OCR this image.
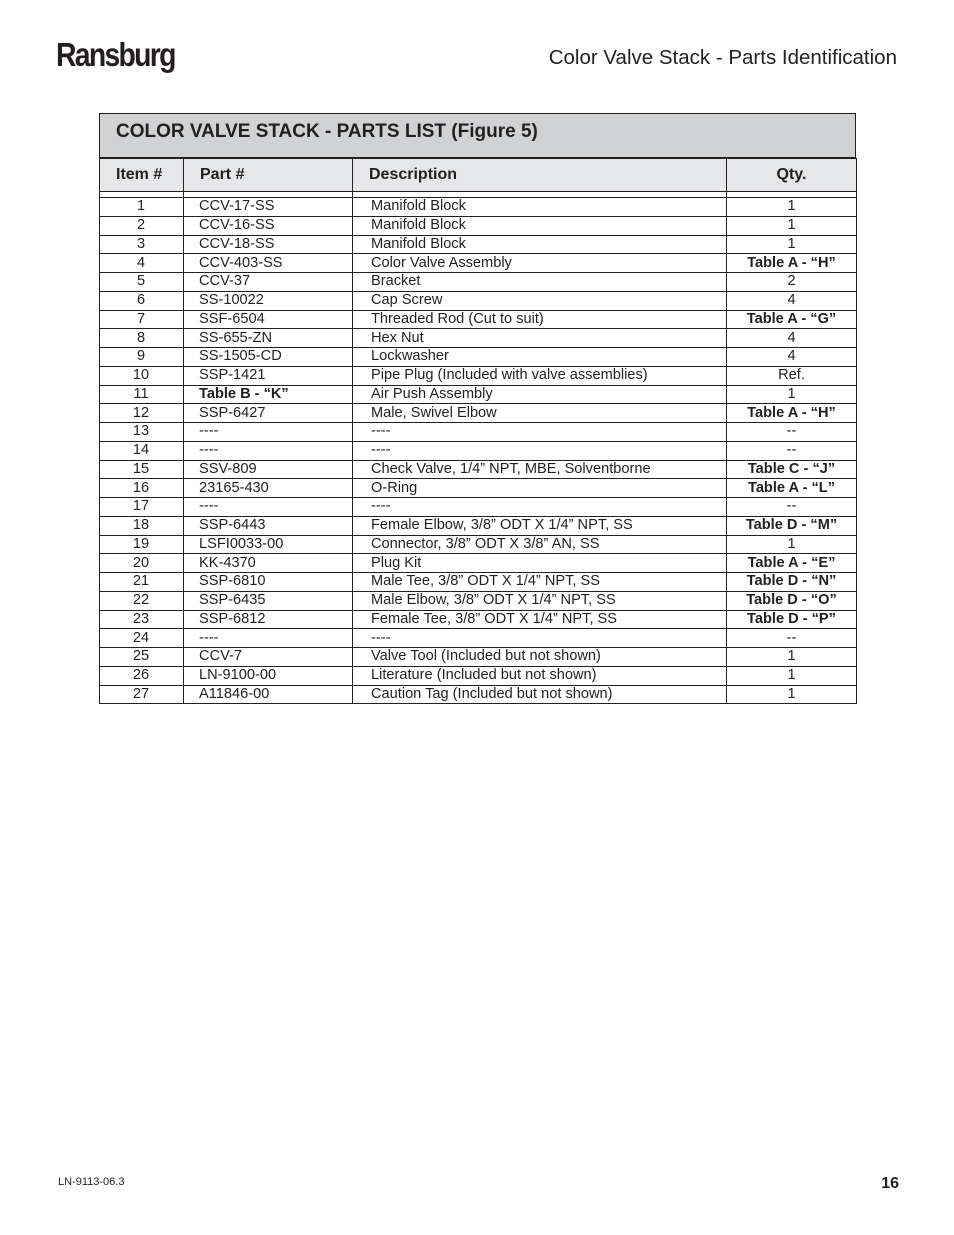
Ransburg	Color Valve Stack - Parts Identification
COLOR VALVE STACK - PARTS LIST (Figure 5)
Item #	Part #	Description	Qty.

1	CCV-17-SS	Manifold Block	1
2	CCV-16-SS	Manifold Block	1
3	CCV-18-SS	Manifold Block	1
4	CCV-403-SS	Color Valve Assembly	Table A - “H”
5	CCV-37	Bracket	2
6	SS-10022	Cap Screw	4
7	SSF-6504	Threaded Rod (Cut to suit)	Table A - “G”
8	SS-655-ZN	Hex Nut	4
9	SS-1505-CD	Lockwasher	4
10	SSP-1421	Pipe Plug (Included with valve assemblies)	Ref.
11	Table B - “K”	Air Push Assembly	1
12	SSP-6427	Male, Swivel Elbow	Table A - “H”
13	----	----	--
14	----	----	--
15	SSV-809	Check Valve, 1/4” NPT, MBE, Solventborne	Table C - “J”
16	23165-430	O-Ring	Table A - “L”
17	----	----	--
18	SSP-6443	Female Elbow, 3/8” ODT X 1/4” NPT, SS	Table D - “M”
19	LSFI0033-00	Connector, 3/8” ODT X 3/8” AN, SS	1
20	KK-4370	Plug Kit	Table A - “E”
21	SSP-6810	Male Tee, 3/8” ODT X 1/4” NPT, SS	Table D - “N”
22	SSP-6435	Male Elbow, 3/8” ODT X 1/4” NPT, SS	Table D - “O”
23	SSP-6812	Female Tee, 3/8” ODT X 1/4” NPT, SS	Table D - “P”
24	----	----	--
25	CCV-7	Valve Tool (Included but not shown)	1
26	LN-9100-00	Literature (Included but not shown)	1
27	A11846-00	Caution Tag (Included but not shown)	1
LN-9113-06.3	16
